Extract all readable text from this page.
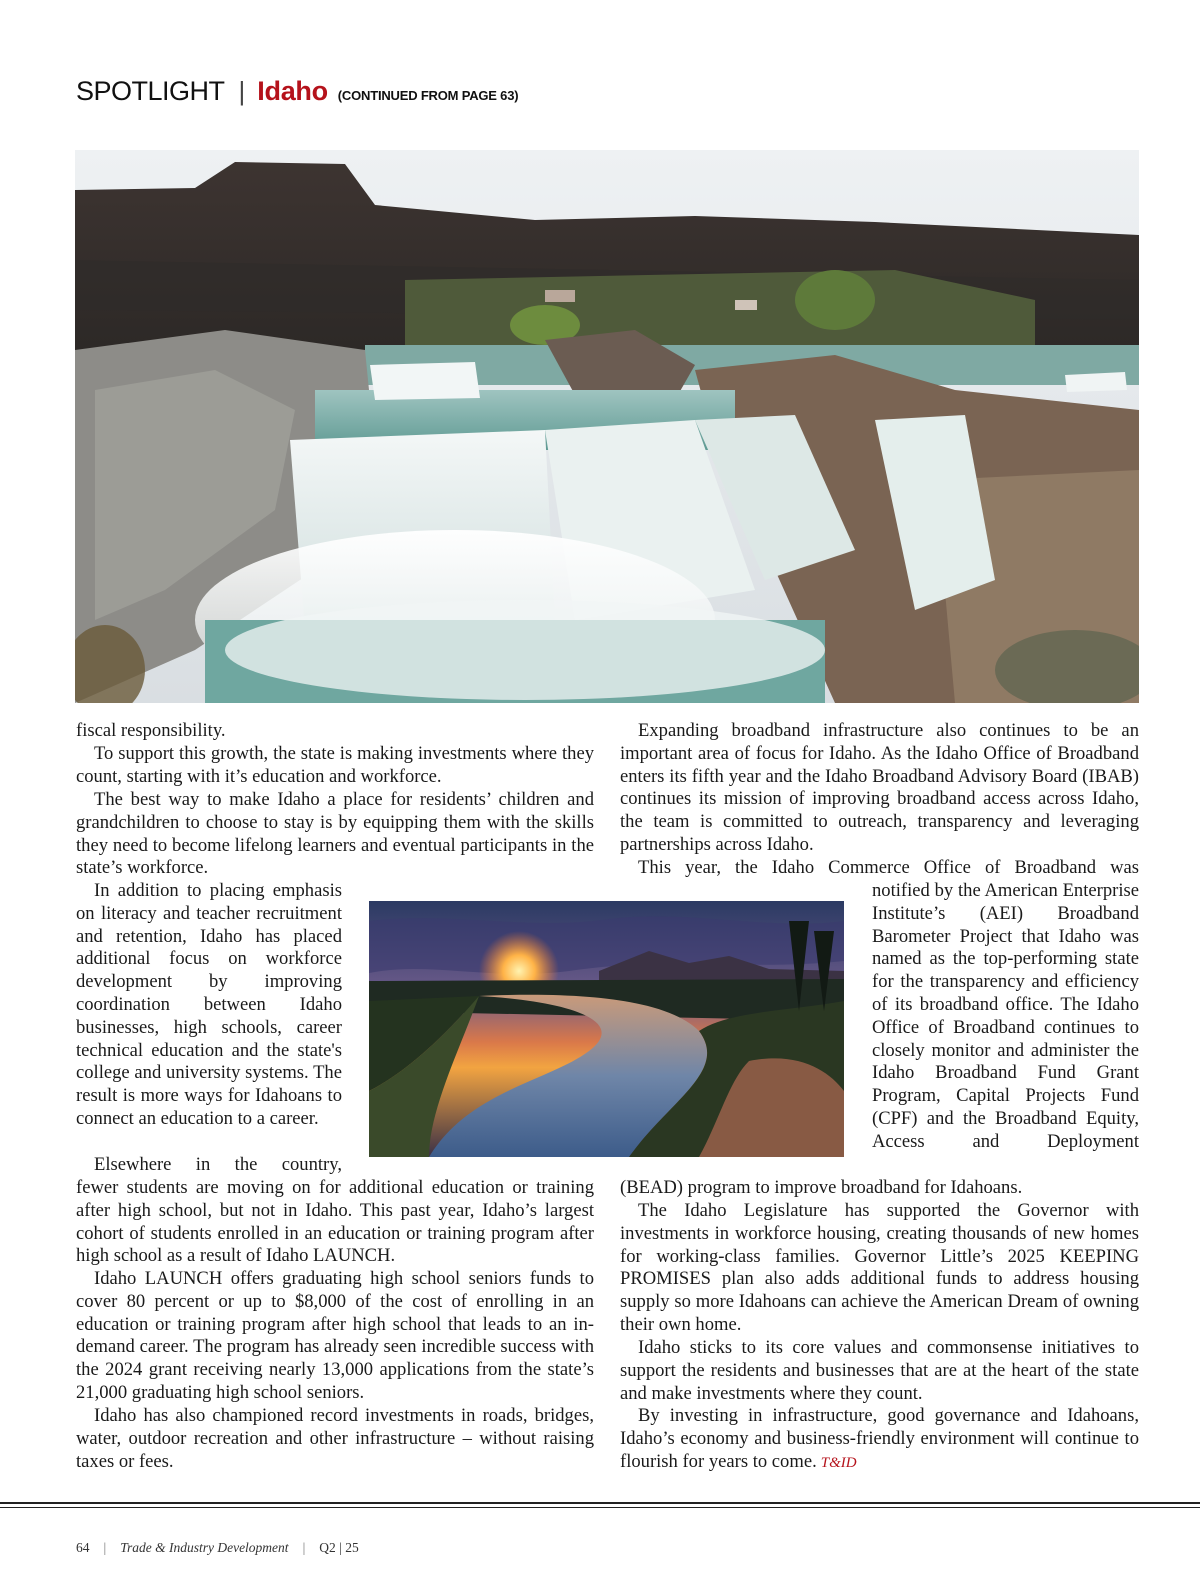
SPOTLIGHT | Idaho (CONTINUED FROM PAGE 63)

fiscal responsibility.

To support this growth, the state is making investments where they count, starting with it’s education and workforce.

The best way to make Idaho a place for residents’ children and grandchildren to choose to stay is by equipping them with the skills they need to become lifelong learners and eventual participants in the state’s workforce.

In addition to placing emphasis on literacy and teacher recruitment and retention, Idaho has placed additional focus on workforce development by improving coordination between Idaho businesses, high schools, career technical education and the state's college and university systems. The result is more ways for Idahoans to connect an education to a career.

Elsewhere in the country,

fewer students are moving on for additional education or training after high school, but not in Idaho. This past year, Idaho’s largest cohort of students enrolled in an education or training program after high school as a result of Idaho LAUNCH.

Idaho LAUNCH offers graduating high school seniors funds to cover 80 percent or up to $8,000 of the cost of enrolling in an education or training program after high school that leads to an in-demand career. The program has already seen incredible success with the 2024 grant receiving nearly 13,000 applications from the state’s 21,000 graduating high school seniors.

Idaho has also championed record investments in roads, bridges, water, outdoor recreation and other infrastructure – without raising taxes or fees.

Expanding broadband infrastructure also continues to be an important area of focus for Idaho. As the Idaho Office of Broadband enters its fifth year and the Idaho Broadband Advisory Board (IBAB) continues its mission of improving broadband access across Idaho, the team is committed to outreach, transparency and leveraging partnerships across Idaho.

This year, the Idaho Commerce Office of Broadband was

notified by the American Enterprise Institute’s (AEI) Broadband Barometer Project that Idaho was named as the top-performing state for the transparency and efficiency of its broadband office. The Idaho Office of Broadband continues to closely monitor and administer the Idaho Broadband Fund Grant Program, Capital Projects Fund (CPF) and the Broadband Equity, Access and Deployment

(BEAD) program to improve broadband for Idahoans.

The Idaho Legislature has supported the Governor with investments in workforce housing, creating thousands of new homes for working-class families. Governor Little’s 2025 KEEPING PROMISES plan also adds additional funds to address housing supply so more Idahoans can achieve the American Dream of owning their own home.

Idaho sticks to its core values and commonsense initiatives to support the residents and businesses that are at the heart of the state and make investments where they count.

By investing in infrastructure, good governance and Idahoans, Idaho’s economy and business-friendly environment will continue to flourish for years to come. T&ID

64 | Trade & Industry Development | Q2 | 25
